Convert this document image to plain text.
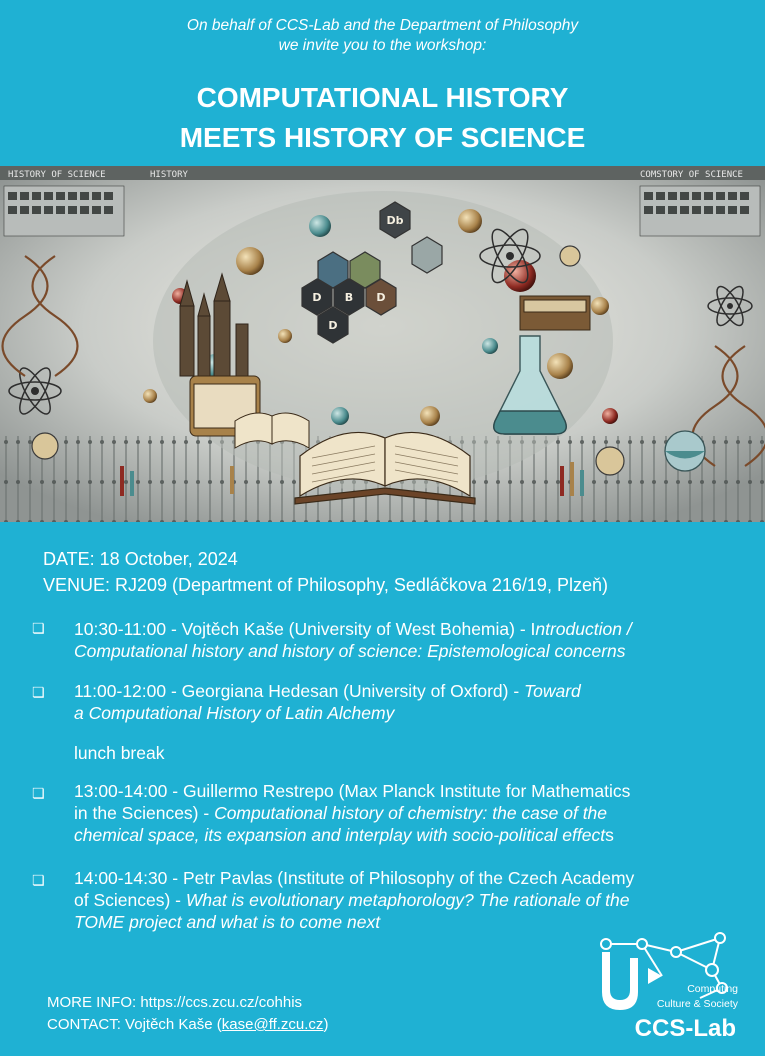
On behalf of CCS-Lab and the Department of Philosophy
we invite you to the workshop:
COMPUTATIONAL HISTORY
MEETS HISTORY OF SCIENCE
HISTORY OF SCIENCE	HISTORY	COMSTORY OF SCIENCE
Db
D B D
D
DATE: 18 October, 2024
VENUE: RJ209 (Department of Philosophy, Sedláčkova 216/19, Plzeň)
❏ 10:30-11:00 - Vojtěch Kaše (University of West Bohemia) - Introduction /
Computational history and history of science: Epistemological concerns
❏ 11:00-12:00 - Georgiana Hedesan (University of Oxford) - Toward
a Computational History of Latin Alchemy
lunch break
❏ 13:00-14:00 - Guillermo Restrepo (Max Planck Institute for Mathematics
in the Sciences) - Computational history of chemistry: the case of the
chemical space, its expansion and interplay with socio-political effects
❏ 14:00-14:30 - Petr Pavlas (Institute of Philosophy of the Czech Academy
of Sciences) - What is evolutionary metaphorology? The rationale of the
TOME project and what is to come next
MORE INFO: https://ccs.zcu.cz/cohhis
CONTACT: Vojtěch Kaše (kase@ff.zcu.cz)
Computing
Culture & Society
CCS-Lab
